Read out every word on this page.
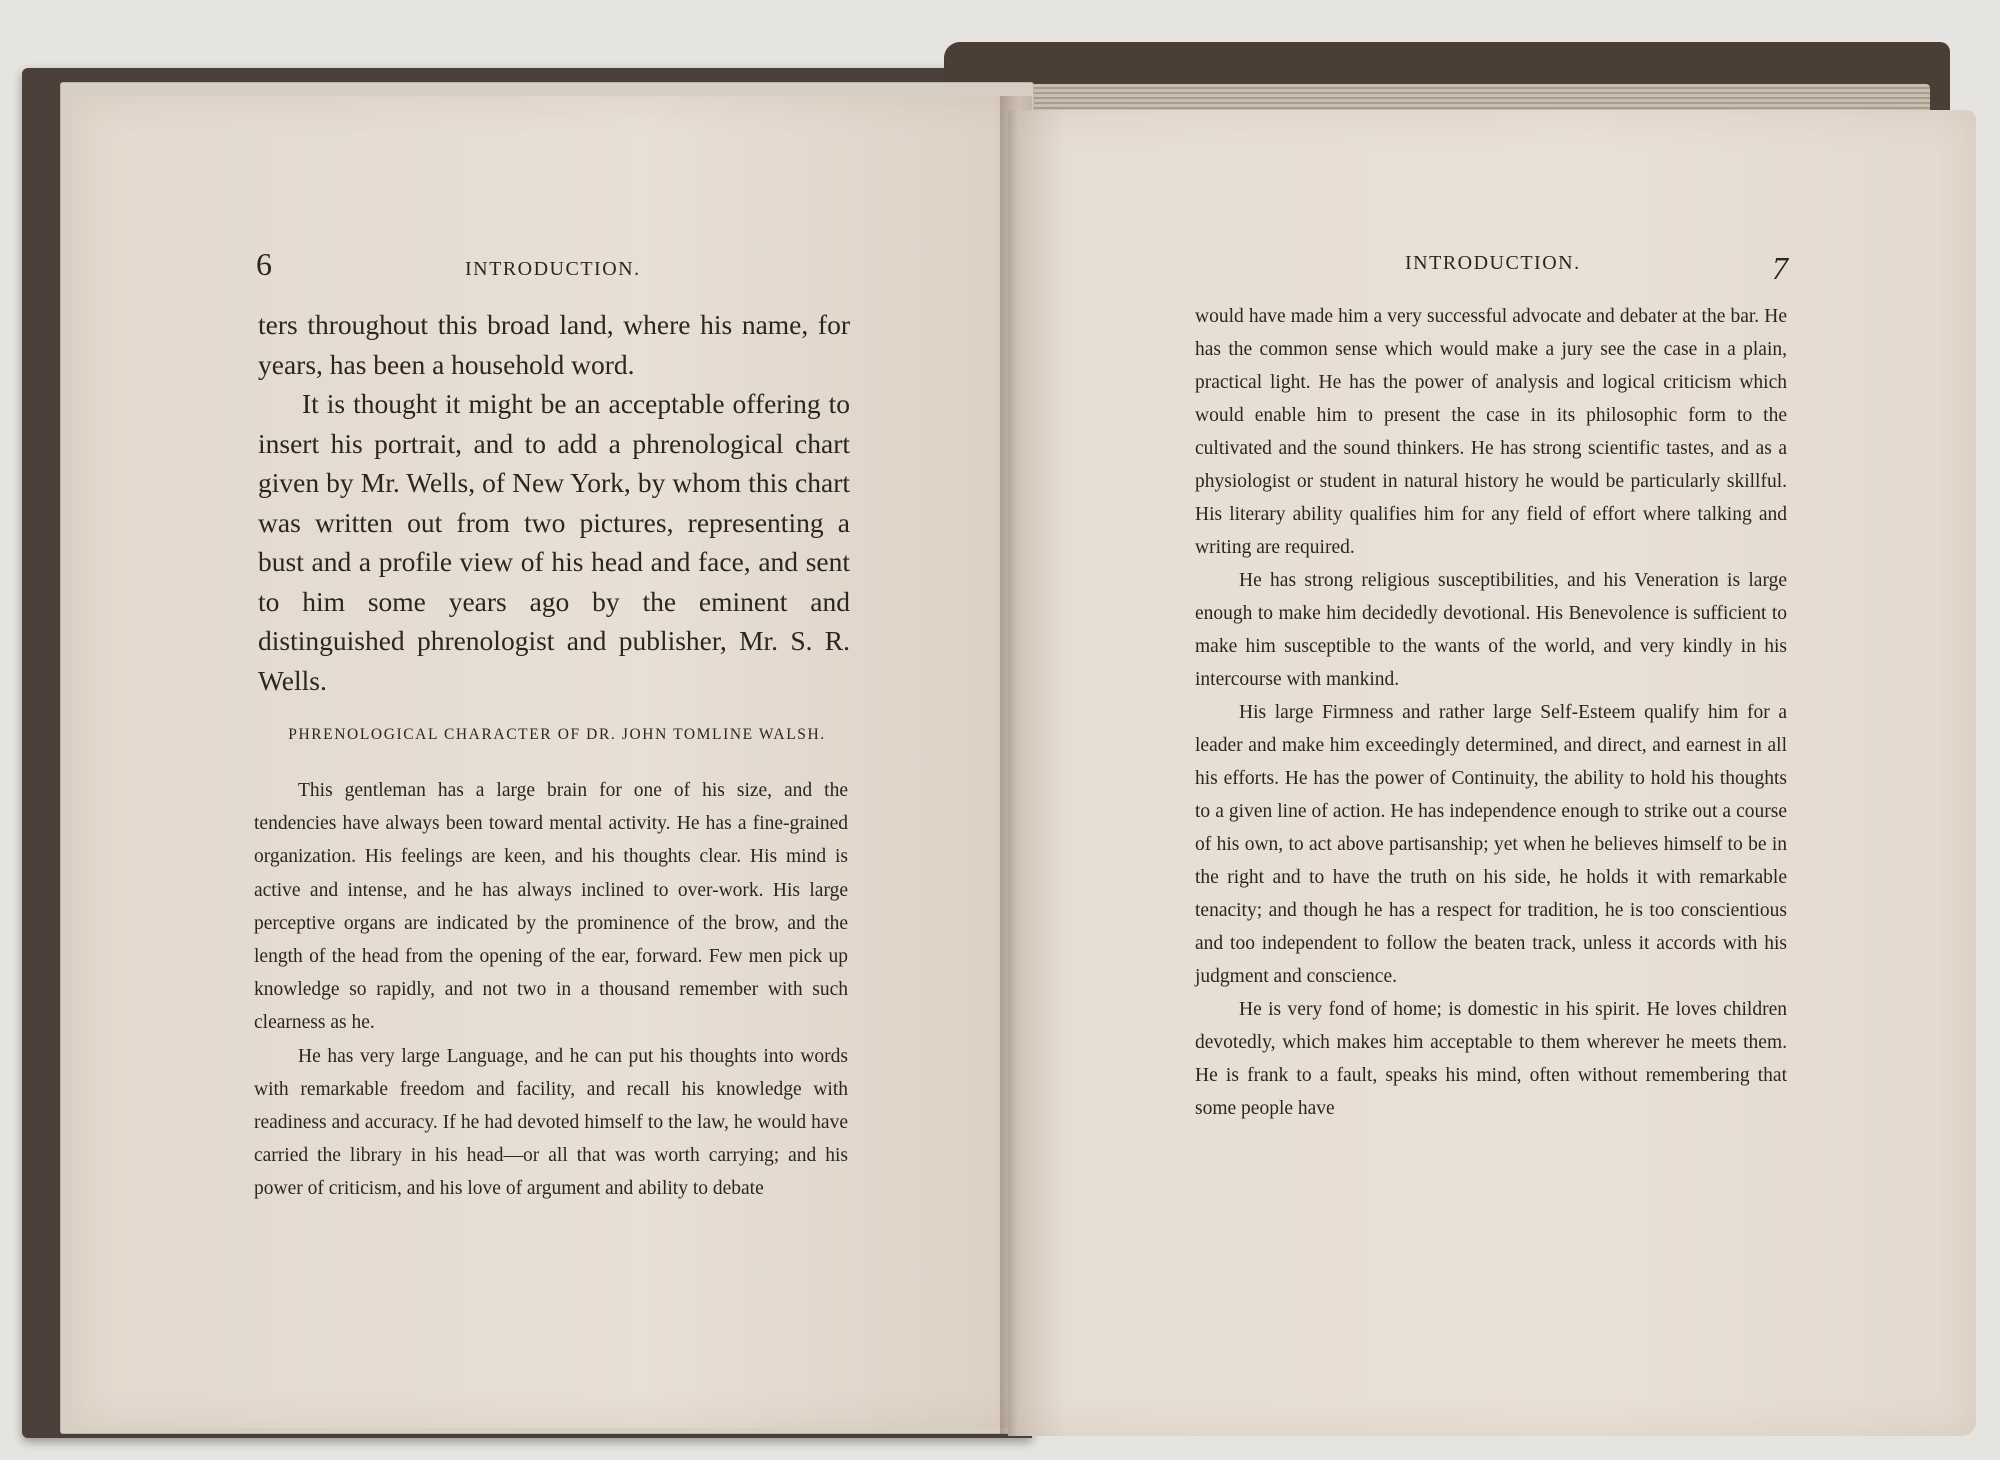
6	INTRODUCTION.

ters throughout this broad land, where his name, for years, has been a household word.

It is thought it might be an acceptable offering to insert his portrait, and to add a phrenological chart given by Mr. Wells, of New York, by whom this chart was written out from two pictures, representing a bust and a profile view of his head and face, and sent to him some years ago by the eminent and distinguished phrenologist and publisher, Mr. S. R. Wells.

PHRENOLOGICAL CHARACTER OF DR. JOHN TOMLINE WALSH.

This gentleman has a large brain for one of his size, and the tendencies have always been toward mental activity. He has a fine-grained organization. His feelings are keen, and his thoughts clear. His mind is active and intense, and he has always inclined to over-work. His large perceptive organs are indicated by the prominence of the brow, and the length of the head from the opening of the ear, forward. Few men pick up knowledge so rapidly, and not two in a thousand remember with such clearness as he.

He has very large Language, and he can put his thoughts into words with remarkable freedom and facility, and recall his knowledge with readiness and accuracy. If he had devoted himself to the law, he would have carried the library in his head—or all that was worth carrying; and his power of criticism, and his love of argument and ability to debate

INTRODUCTION.	7

would have made him a very successful advocate and debater at the bar. He has the common sense which would make a jury see the case in a plain, practical light. He has the power of analysis and logical criticism which would enable him to present the case in its philosophic form to the cultivated and the sound thinkers. He has strong scientific tastes, and as a physiologist or student in natural history he would be particularly skillful. His literary ability qualifies him for any field of effort where talking and writing are required.

He has strong religious susceptibilities, and his Veneration is large enough to make him decidedly devotional. His Benevolence is sufficient to make him susceptible to the wants of the world, and very kindly in his intercourse with mankind.

His large Firmness and rather large Self-Esteem qualify him for a leader and make him exceedingly determined, and direct, and earnest in all his efforts. He has the power of Continuity, the ability to hold his thoughts to a given line of action. He has independence enough to strike out a course of his own, to act above partisanship; yet when he believes himself to be in the right and to have the truth on his side, he holds it with remarkable tenacity; and though he has a respect for tradition, he is too conscientious and too independent to follow the beaten track, unless it accords with his judgment and conscience.

He is very fond of home; is domestic in his spirit. He loves children devotedly, which makes him acceptable to them wherever he meets them. He is frank to a fault, speaks his mind, often without remembering that some people have
